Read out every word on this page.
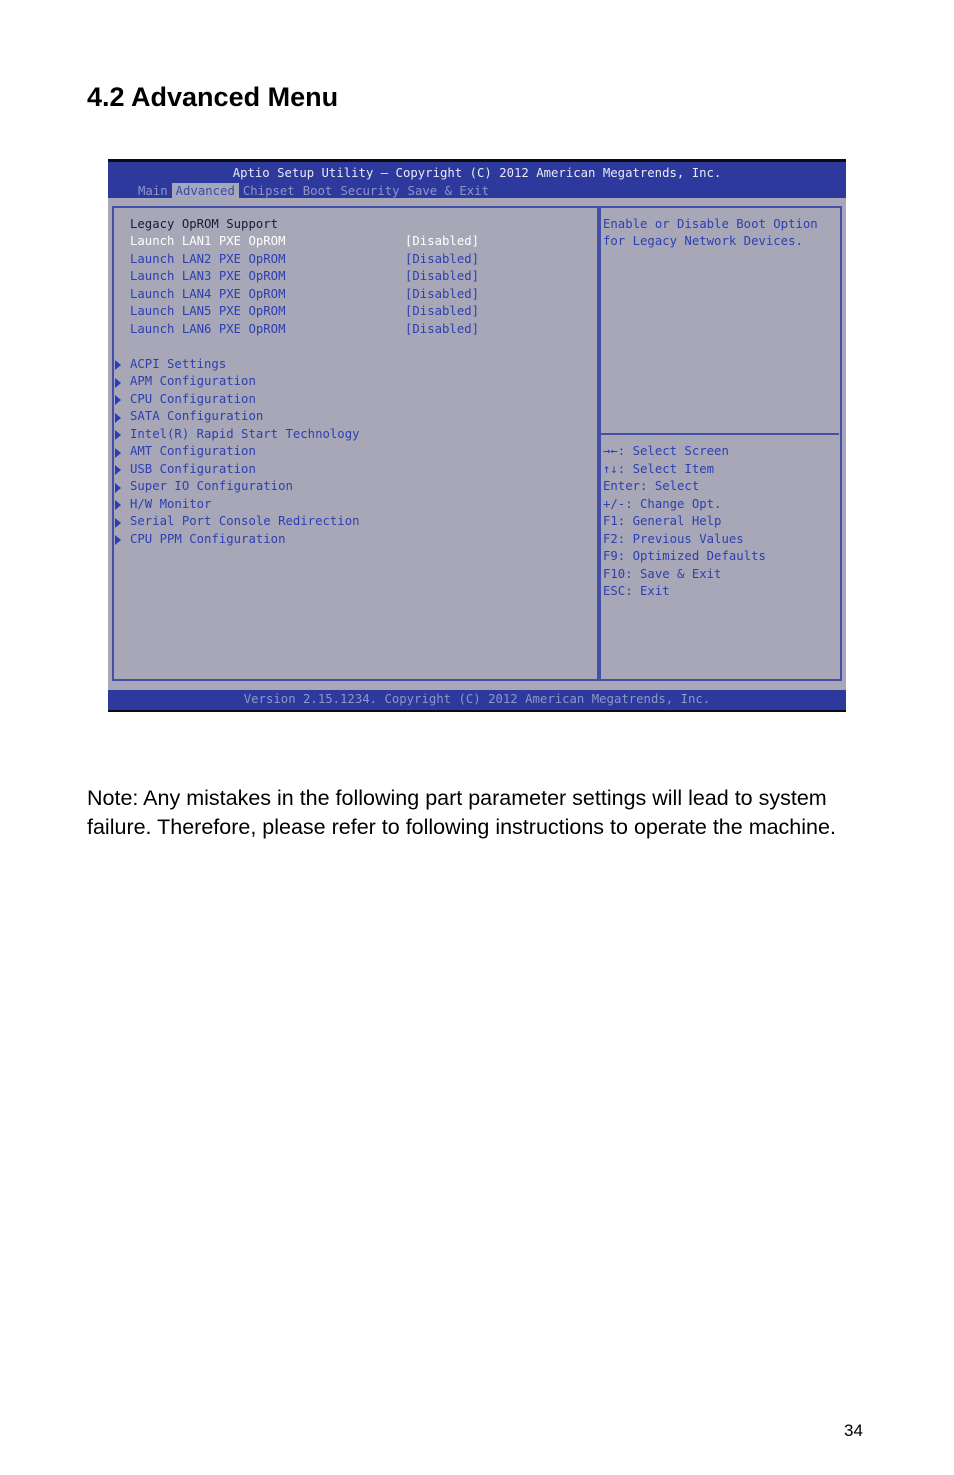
4.2 Advanced Menu
Aptio Setup Utility – Copyright (C) 2012 American Megatrends, Inc.
Main Advanced Chipset Boot Security Save & Exit
Legacy OpROM Support
Launch LAN1 PXE OpROM	[Disabled]
Launch LAN2 PXE OpROM	[Disabled]
Launch LAN3 PXE OpROM	[Disabled]
Launch LAN4 PXE OpROM	[Disabled]
Launch LAN5 PXE OpROM	[Disabled]
Launch LAN6 PXE OpROM	[Disabled]
ACPI Settings
APM Configuration
CPU Configuration
SATA Configuration
Intel(R) Rapid Start Technology
AMT Configuration
USB Configuration
Super IO Configuration
H/W Monitor
Serial Port Console Redirection
CPU PPM Configuration
Enable or Disable Boot Option
for Legacy Network Devices.
→←: Select Screen
↑↓: Select Item
Enter: Select
+/-: Change Opt.
F1: General Help
F2: Previous Values
F9: Optimized Defaults
F10: Save & Exit
ESC: Exit
Version 2.15.1234. Copyright (C) 2012 American Megatrends, Inc.

Note: Any mistakes in the following part parameter settings will lead to system failure. Therefore, please refer to following instructions to operate the machine.

34
